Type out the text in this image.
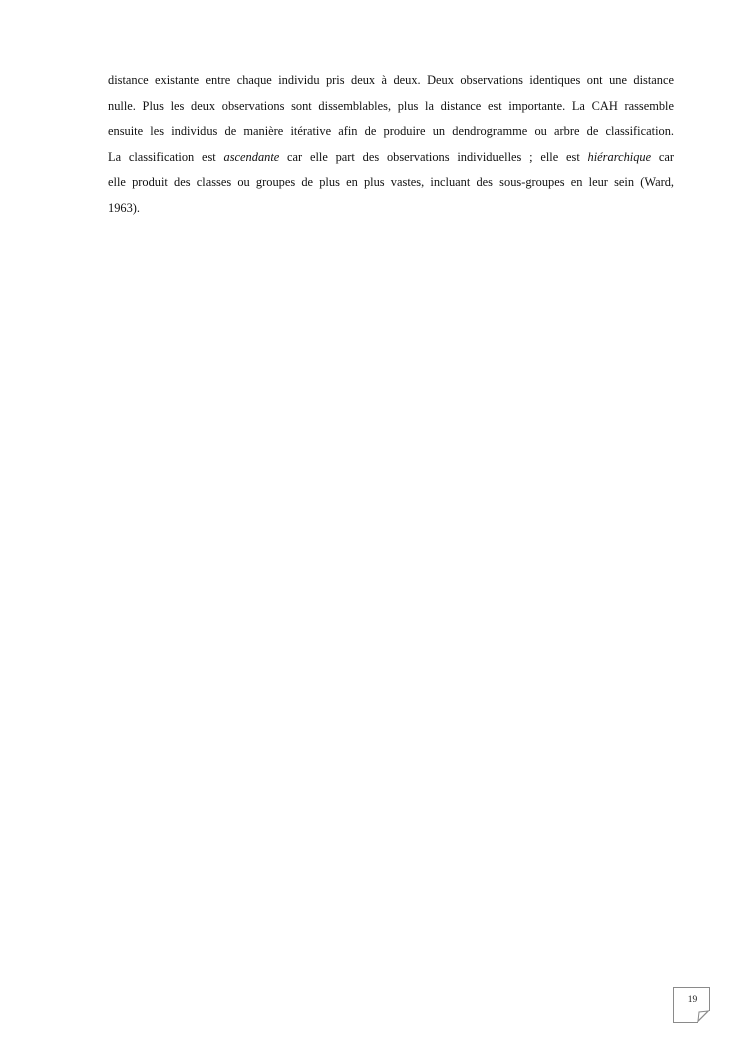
distance existante entre chaque individu pris deux à deux. Deux observations identiques ont une distance
nulle. Plus les deux observations sont dissemblables, plus la distance est importante. La CAH rassemble
ensuite les individus de manière itérative afin de produire un dendrogramme ou arbre de classification.
La classification est ascendante car elle part des observations individuelles ; elle est hiérarchique car
elle produit des classes ou groupes de plus en plus vastes, incluant des sous-groupes en leur sein (Ward,
1963).
19
